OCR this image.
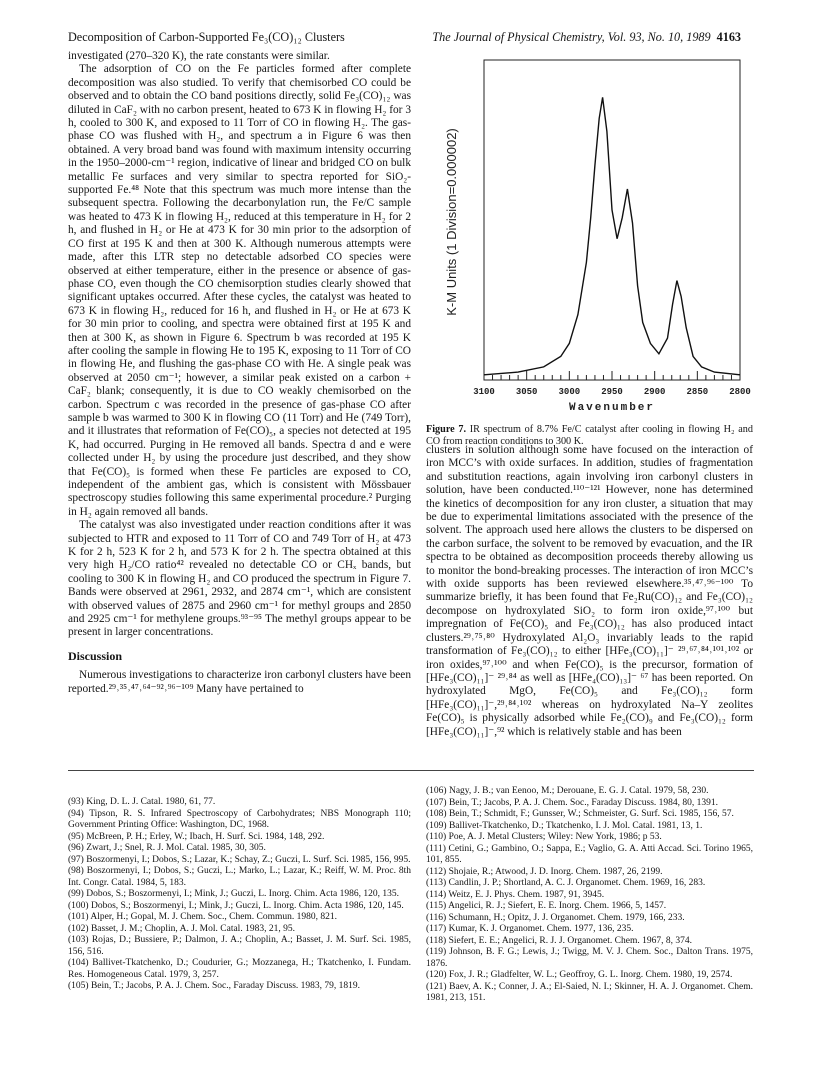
Decomposition of Carbon-Supported Fe₃(CO)₁₂ Clusters	The Journal of Physical Chemistry, Vol. 93, No. 10, 1989 4163

investigated (270–320 K), the rate constants were similar.

The adsorption of CO on the Fe particles formed after complete decomposition was also studied. To verify that chemisorbed CO could be observed and to obtain the CO band positions directly, solid Fe₃(CO)₁₂ was diluted in CaF₂ with no carbon present, heated to 673 K in flowing H₂ for 3 h, cooled to 300 K, and exposed to 11 Torr of CO in flowing H₂. The gas-phase CO was flushed with H₂, and spectrum a in Figure 6 was then obtained. A very broad band was found with maximum intensity occurring in the 1950–2000-cm⁻¹ region, indicative of linear and bridged CO on bulk metallic Fe surfaces and very similar to spectra reported for SiO₂-supported Fe.⁴⁸ Note that this spectrum was much more intense than the subsequent spectra. Following the decarbonylation run, the Fe/C sample was heated to 473 K in flowing H₂, reduced at this temperature in H₂ for 2 h, and flushed in H₂ or He at 473 K for 30 min prior to the adsorption of CO first at 195 K and then at 300 K. Although numerous attempts were made, after this LTR step no detectable adsorbed CO species were observed at either temperature, either in the presence or absence of gas-phase CO, even though the CO chemisorption studies clearly showed that significant uptakes occurred. After these cycles, the catalyst was heated to 673 K in flowing H₂, reduced for 16 h, and flushed in H₂ or He at 673 K for 30 min prior to cooling, and spectra were obtained first at 195 K and then at 300 K, as shown in Figure 6. Spectrum b was recorded at 195 K after cooling the sample in flowing He to 195 K, exposing to 11 Torr of CO in flowing He, and flushing the gas-phase CO with He. A single peak was observed at 2050 cm⁻¹; however, a similar peak existed on a carbon + CaF₂ blank; consequently, it is due to CO weakly chemisorbed on the carbon. Spectrum c was recorded in the presence of gas-phase CO after sample b was warmed to 300 K in flowing CO (11 Torr) and He (749 Torr), and it illustrates that reformation of Fe(CO)₅, a species not detected at 195 K, had occurred. Purging in He removed all bands. Spectra d and e were collected under H₂ by using the procedure just described, and they show that Fe(CO)₅ is formed when these Fe particles are exposed to CO, independent of the ambient gas, which is consistent with Mössbauer spectroscopy studies following this same experimental procedure.² Purging in H₂ again removed all bands.

The catalyst was also investigated under reaction conditions after it was subjected to HTR and exposed to 11 Torr of CO and 749 Torr of H₂ at 473 K for 2 h, 523 K for 2 h, and 573 K for 2 h. The spectra obtained at this very high H₂/CO ratio⁴² revealed no detectable CO or CHₓ bands, but cooling to 300 K in flowing H₂ and CO produced the spectrum in Figure 7. Bands were observed at 2961, 2932, and 2874 cm⁻¹, which are consistent with observed values of 2875 and 2960 cm⁻¹ for methyl groups and 2850 and 2925 cm⁻¹ for methylene groups.⁹³⁻⁹⁵ The methyl groups appear to be present in larger concentrations.

Discussion

Numerous investigations to characterize iron carbonyl clusters have been reported.²⁹˒³⁵˒⁴⁷˒⁶⁴⁻⁹²˒⁹⁶⁻¹⁰⁹ Many have pertained to

3100 3050 3000 2950 2900 2850 2800
K-M Units (1 Division=0.000002)
Wavenumber
Figure 7. IR spectrum of 8.7% Fe/C catalyst after cooling in flowing H₂ and CO from reaction conditions to 300 K.

clusters in solution although some have focused on the interaction of iron MCC’s with oxide surfaces. In addition, studies of fragmentation and substitution reactions, again involving iron carbonyl clusters in solution, have been conducted.¹¹⁰⁻¹²¹ However, none has determined the kinetics of decomposition for any iron cluster, a situation that may be due to experimental limitations associated with the presence of the solvent. The approach used here allows the clusters to be dispersed on the carbon surface, the solvent to be removed by evacuation, and the IR spectra to be obtained as decomposition proceeds thereby allowing us to monitor the bond-breaking processes. The interaction of iron MCC’s with oxide supports has been reviewed elsewhere.³⁵˒⁴⁷˒⁹⁶⁻¹⁰⁰ To summarize briefly, it has been found that Fe₂Ru(CO)₁₂ and Fe₃(CO)₁₂ decompose on hydroxylated SiO₂ to form iron oxide,⁹⁷˒¹⁰⁰ but impregnation of Fe(CO)₅ and Fe₃(CO)₁₂ has also produced intact clusters.²⁹˒⁷⁵˒⁸⁰ Hydroxylated Al₂O₃ invariably leads to the rapid transformation of Fe₃(CO)₁₂ to either [HFe₃(CO)₁₁]⁻ ²⁹˒⁶⁷˒⁸⁴˒¹⁰¹˒¹⁰² or iron oxides,⁹⁷˒¹⁰⁰ and when Fe(CO)₅ is the precursor, formation of [HFe₃(CO)₁₁]⁻ ²⁹˒⁸⁴ as well as [HFe₄(CO)₁₃]⁻ ⁶⁷ has been reported. On hydroxylated MgO, Fe(CO)₅ and Fe₃(CO)₁₂ form [HFe₃(CO)₁₁]⁻,²⁹˒⁸⁴˒¹⁰² whereas on hydroxylated Na–Y zeolites Fe(CO)₅ is physically adsorbed while Fe₂(CO)₉ and Fe₃(CO)₁₂ form [HFe₃(CO)₁₁]⁻,⁹² which is relatively stable and has been

(93) King, D. L. J. Catal. 1980, 61, 77.

(94) Tipson, R. S. Infrared Spectroscopy of Carbohydrates; NBS Monograph 110; Government Printing Office: Washington, DC, 1968.

(95) McBreen, P. H.; Erley, W.; Ibach, H. Surf. Sci. 1984, 148, 292.

(96) Zwart, J.; Snel, R. J. Mol. Catal. 1985, 30, 305.

(97) Boszormenyi, I.; Dobos, S.; Lazar, K.; Schay, Z.; Guczi, L. Surf. Sci. 1985, 156, 995.

(98) Boszormenyi, I.; Dobos, S.; Guczi, L.; Marko, L.; Lazar, K.; Reiff, W. M. Proc. 8th Int. Congr. Catal. 1984, 5, 183.

(99) Dobos, S.; Boszormenyi, I.; Mink, J.; Guczi, L. Inorg. Chim. Acta 1986, 120, 135.

(100) Dobos, S.; Boszormenyi, I.; Mink, J.; Guczi, L. Inorg. Chim. Acta 1986, 120, 145.

(101) Alper, H.; Gopal, M. J. Chem. Soc., Chem. Commun. 1980, 821.

(102) Basset, J. M.; Choplin, A. J. Mol. Catal. 1983, 21, 95.

(103) Rojas, D.; Bussiere, P.; Dalmon, J. A.; Choplin, A.; Basset, J. M. Surf. Sci. 1985, 156, 516.

(104) Ballivet-Tkatchenko, D.; Coudurier, G.; Mozzanega, H.; Tkatchenko, I. Fundam. Res. Homogeneous Catal. 1979, 3, 257.

(105) Bein, T.; Jacobs, P. A. J. Chem. Soc., Faraday Discuss. 1983, 79, 1819.

(106) Nagy, J. B.; van Eenoo, M.; Derouane, E. G. J. Catal. 1979, 58, 230.

(107) Bein, T.; Jacobs, P. A. J. Chem. Soc., Faraday Discuss. 1984, 80, 1391.

(108) Bein, T.; Schmidt, F.; Gunsser, W.; Schmeister, G. Surf. Sci. 1985, 156, 57.

(109) Ballivet-Tkatchenko, D.; Tkatchenko, I. J. Mol. Catal. 1981, 13, 1.

(110) Poe, A. J. Metal Clusters; Wiley: New York, 1986; p 53.

(111) Cetini, G.; Gambino, O.; Sappa, E.; Vaglio, G. A. Atti Accad. Sci. Torino 1965, 101, 855.

(112) Shojaie, R.; Atwood, J. D. Inorg. Chem. 1987, 26, 2199.

(113) Candlin, J. P.; Shortland, A. C. J. Organomet. Chem. 1969, 16, 283.

(114) Weitz, E. J. Phys. Chem. 1987, 91, 3945.

(115) Angelici, R. J.; Siefert, E. E. Inorg. Chem. 1966, 5, 1457.

(116) Schumann, H.; Opitz, J. J. Organomet. Chem. 1979, 166, 233.

(117) Kumar, K. J. Organomet. Chem. 1977, 136, 235.

(118) Siefert, E. E.; Angelici, R. J. J. Organomet. Chem. 1967, 8, 374.

(119) Johnson, B. F. G.; Lewis, J.; Twigg, M. V. J. Chem. Soc., Dalton Trans. 1975, 1876.

(120) Fox, J. R.; Gladfelter, W. L.; Geoffroy, G. L. Inorg. Chem. 1980, 19, 2574.

(121) Baev, A. K.; Conner, J. A.; El-Saied, N. I.; Skinner, H. A. J. Organomet. Chem. 1981, 213, 151.
